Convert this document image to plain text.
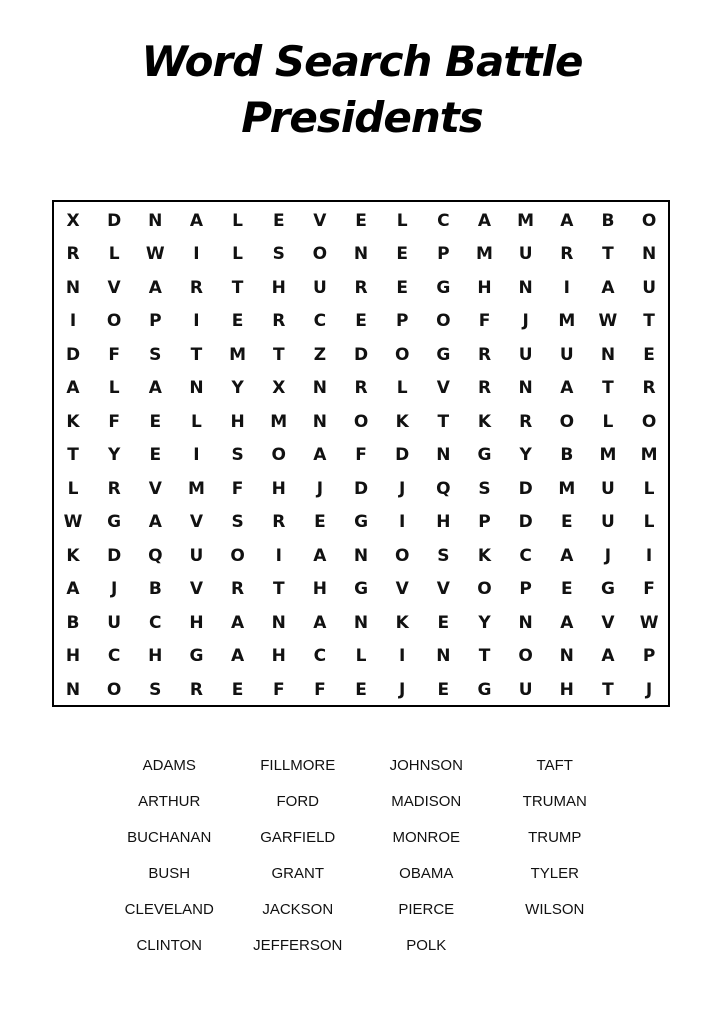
Word Search Battle
Presidents
X	D	N	A	L	E	V	E	L	C	A	M	A	B	O
R	L	W	I	L	S	O	N	E	P	M	U	R	T	N
N	V	A	R	T	H	U	R	E	G	H	N	I	A	U
I	O	P	I	E	R	C	E	P	O	F	J	M	W	T
D	F	S	T	M	T	Z	D	O	G	R	U	U	N	E
A	L	A	N	Y	X	N	R	L	V	R	N	A	T	R
K	F	E	L	H	M	N	O	K	T	K	R	O	L	O
T	Y	E	I	S	O	A	F	D	N	G	Y	B	M	M
L	R	V	M	F	H	J	D	J	Q	S	D	M	U	L
W	G	A	V	S	R	E	G	I	H	P	D	E	U	L
K	D	Q	U	O	I	A	N	O	S	K	C	A	J	I
A	J	B	V	R	T	H	G	V	V	O	P	E	G	F
B	U	C	H	A	N	A	N	K	E	Y	N	A	V	W
H	C	H	G	A	H	C	L	I	N	T	O	N	A	P
N	O	S	R	E	F	F	E	J	E	G	U	H	T	J
ADAMS	FILLMORE	JOHNSON	TAFT
ARTHUR	FORD	MADISON	TRUMAN
BUCHANAN	GARFIELD	MONROE	TRUMP
BUSH	GRANT	OBAMA	TYLER
CLEVELAND	JACKSON	PIERCE	WILSON
CLINTON	JEFFERSON	POLK
